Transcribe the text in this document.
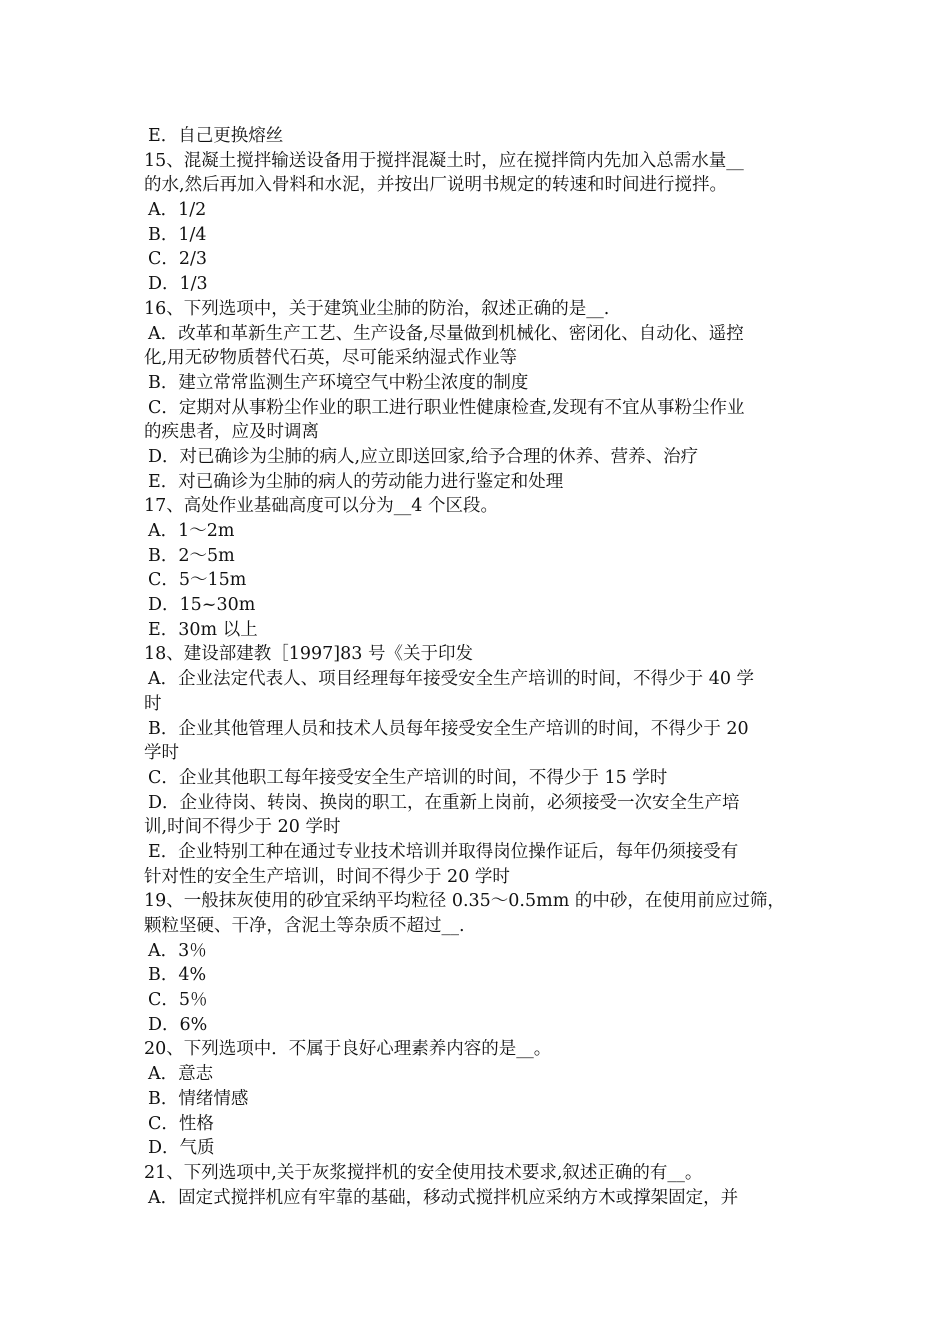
E．自己更换熔丝
15、混凝土搅拌输送设备用于搅拌混凝土时，应在搅拌筒内先加入总需水量__
的水,然后再加入骨料和水泥，并按出厂说明书规定的转速和时间进行搅拌。
A．1/2
B．1/4
C．2/3
D．1/3
16、下列选项中，关于建筑业尘肺的防治，叙述正确的是__.
A．改革和革新生产工艺、生产设备,尽量做到机械化、密闭化、自动化、遥控
化,用无矽物质替代石英，尽可能采纳湿式作业等
B．建立常常监测生产环境空气中粉尘浓度的制度
C．定期对从事粉尘作业的职工进行职业性健康检查,发现有不宜从事粉尘作业
的疾患者，应及时调离
D．对已确诊为尘肺的病人,应立即送回家,给予合理的休养、营养、治疗
E．对已确诊为尘肺的病人的劳动能力进行鉴定和处理
17、高处作业基础高度可以分为__4 个区段。
A．1～2m
B．2～5m
C．5～15m
D．15~30m
E．30m 以上
18、建设部建教［1997]83 号《关于印发
A．企业法定代表人、项目经理每年接受安全生产培训的时间，不得少于 40 学
时
B．企业其他管理人员和技术人员每年接受安全生产培训的时间，不得少于 20
学时
C．企业其他职工每年接受安全生产培训的时间，不得少于 15 学时
D．企业待岗、转岗、换岗的职工，在重新上岗前，必须接受一次安全生产培
训,时间不得少于 20 学时
E．企业特别工种在通过专业技术培训并取得岗位操作证后，每年仍须接受有
针对性的安全生产培训，时间不得少于 20 学时
19、一般抹灰使用的砂宜采纳平均粒径 0.35～0.5mm 的中砂，在使用前应过筛，
颗粒坚硬、干净，含泥土等杂质不超过__.
A．3％
B．4%
C．5％
D．6%
20、下列选项中．不属于良好心理素养内容的是__。
A．意志
B．情绪情感
C．性格
D．气质
21、下列选项中,关于灰浆搅拌机的安全使用技术要求,叙述正确的有__。
A．固定式搅拌机应有牢靠的基础，移动式搅拌机应采纳方木或撑架固定，并
